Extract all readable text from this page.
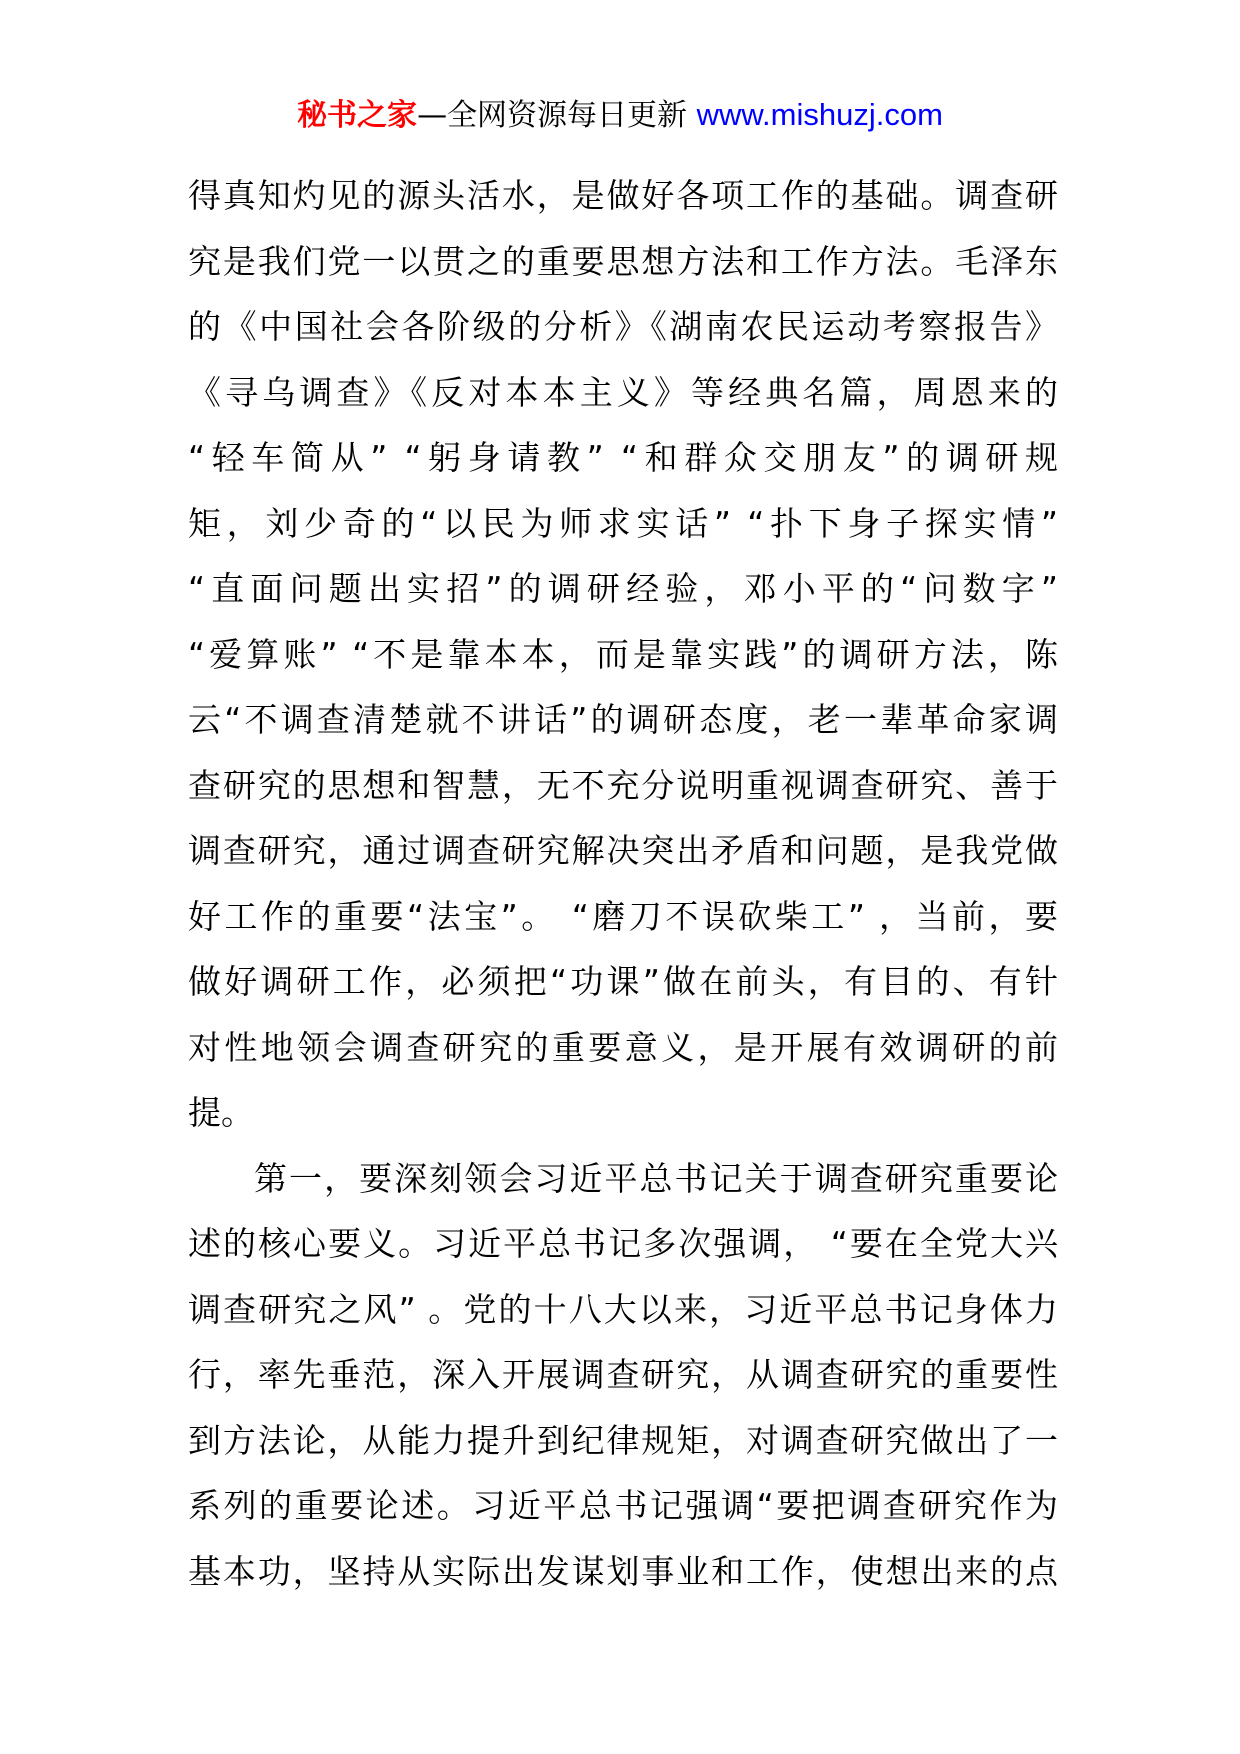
秘书之家—全网资源每日更新 www.mishuzj.com
得真知灼见的源头活水，是做好各项工作的基础。调查研
究是我们党一以贯之的重要思想方法和工作方法。毛泽东
的《中国社会各阶级的分析》《湖南农民运动考察报告》
《寻乌调查》《反对本本主义》等经典名篇，周恩来的
“轻车简从” “躬身请教” “和群众交朋友”的调研规
矩，刘少奇的“以民为师求实话” “扑下身子探实情”
“直面问题出实招”的调研经验，邓小平的“问数字”
“爱算账” “不是靠本本，而是靠实践”的调研方法，陈
云“不调查清楚就不讲话”的调研态度，老一辈革命家调
查研究的思想和智慧，无不充分说明重视调查研究、善于
调查研究，通过调查研究解决突出矛盾和问题，是我党做
好工作的重要“法宝”。 “磨刀不误砍柴工” ，当前，要
做好调研工作，必须把“功课”做在前头，有目的、有针
对性地领会调查研究的重要意义，是开展有效调研的前
提。
第一，要深刻领会习近平总书记关于调查研究重要论
述的核心要义。习近平总书记多次强调， “要在全党大兴
调查研究之风” 。党的十八大以来，习近平总书记身体力
行，率先垂范，深入开展调查研究，从调查研究的重要性
到方法论，从能力提升到纪律规矩，对调查研究做出了一
系列的重要论述。习近平总书记强调“要把调查研究作为
基本功，坚持从实际出发谋划事业和工作，使想出来的点
